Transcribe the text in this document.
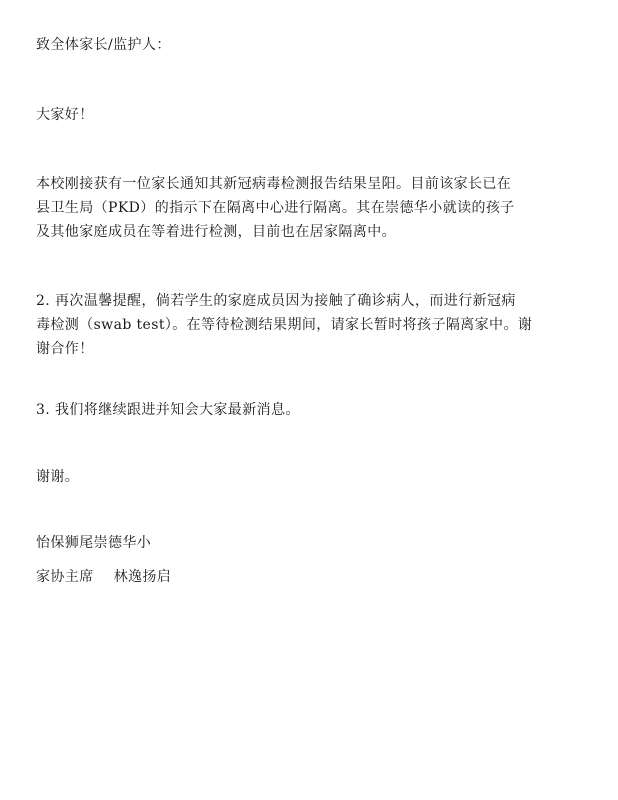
致全体家长/监护人：
大家好！
本校刚接获有一位家长通知其新冠病毒检测报告结果呈阳。目前该家长已在
县卫生局（PKD）的指示下在隔离中心进行隔离。其在崇德华小就读的孩子
及其他家庭成员在等着进行检测，目前也在居家隔离中。
2. 再次温馨提醒，倘若学生的家庭成员因为接触了确诊病人，而进行新冠病
毒检测（swab test）。在等待检测结果期间，请家长暂时将孩子隔离家中。谢
谢合作！
3. 我们将继续跟进并知会大家最新消息。
谢谢。
怡保狮尾崇德华小
家协主席 林逸扬启
